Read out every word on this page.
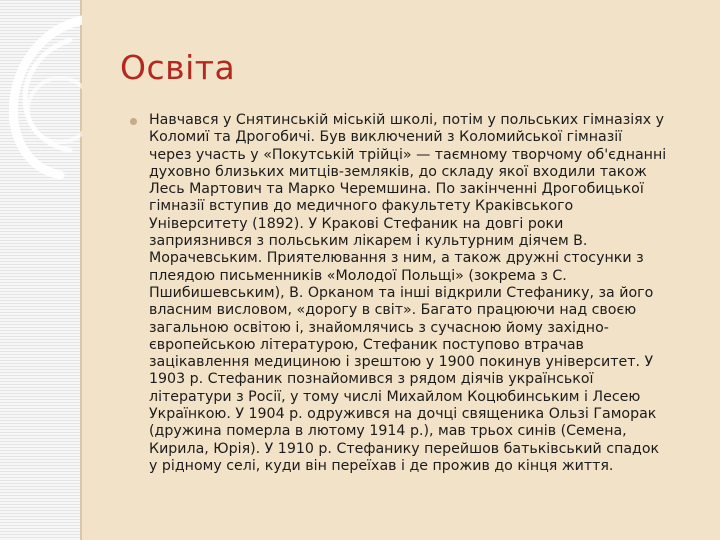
Освіта

Навчався у Снятинській міській школі, потім у польських гімназіях у
Коломиї та Дрогобичі. Був виключений з Коломийської гімназії
через участь у «Покутській трійці» — таємному творчому об'єднанні
духовно близьких митців-земляків, до складу якої входили також
Лесь Мартович та Марко Черемшина. По закінченні Дрогобицької
гімназії вступив до медичного факультету Краківського
Університету (1892). У Кракові Стефаник на довгі роки
заприязнився з польським лікарем і культурним діячем В.
Морачевським. Приятелювання з ним, а також дружні стосунки з
плеядою письменників «Молодої Польщі» (зокрема з С.
Пшибишевським), В. Орканом та інші відкрили Стефанику, за його
власним висловом, «дорогу в світ». Багато працюючи над своєю
загальною освітою і, знайомлячись з сучасною йому західно-
європейською літературою, Стефаник поступово втрачав
зацікавлення медициною і зрештою у 1900 покинув університет. У
1903 р. Стефаник познайомився з рядом діячів української
літератури з Росії, у тому числі Михайлом Коцюбинським і Лесею
Українкою. У 1904 р. одружився на дочці священика Ользі Гаморак
(дружина померла в лютому 1914 р.), мав трьох синів (Семена,
Кирила, Юрія). У 1910 р. Стефанику перейшов батьківський спадок
у рідному селі, куди він переїхав і де прожив до кінця життя.
